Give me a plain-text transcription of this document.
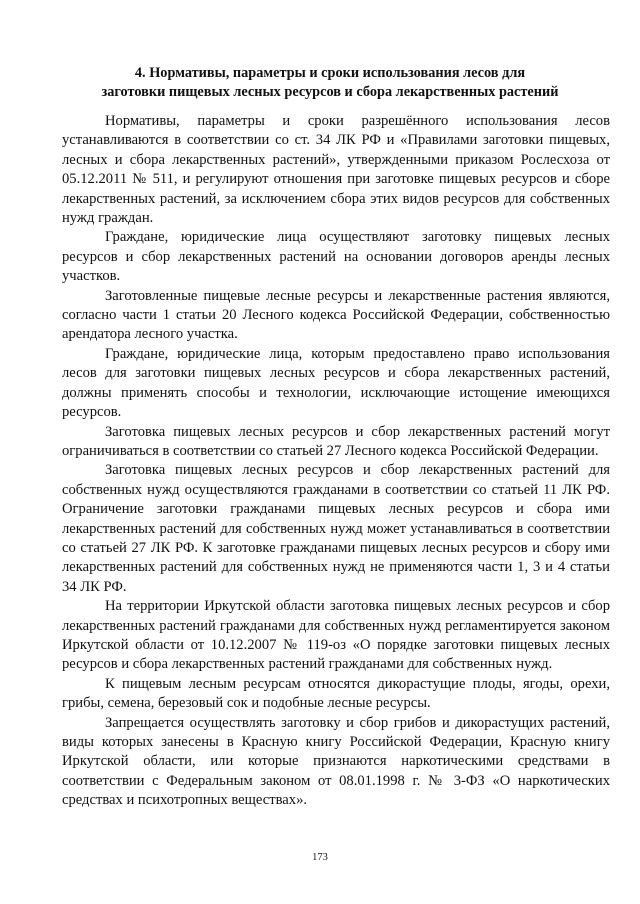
4. Нормативы, параметры и сроки использования лесов для
заготовки пищевых лесных ресурсов и сбора лекарственных растений

Нормативы, параметры и сроки разрешённого использования лесов устанавливаются в соответствии со ст. 34 ЛК РФ и «Правилами заготовки пищевых, лесных и сбора лекарственных растений», утвержденными приказом Рослесхоза от 05.12.2011 № 511, и регулируют отношения при заготовке пищевых ресурсов и сборе лекарственных растений, за исключением сбора этих видов ресурсов для собственных нужд граждан.

Граждане, юридические лица осуществляют заготовку пищевых лесных ресурсов и сбор лекарственных растений на основании договоров аренды лесных участков.

Заготовленные пищевые лесные ресурсы и лекарственные растения являются, согласно части 1 статьи 20 Лесного кодекса Российской Федерации, собственностью арендатора лесного участка.

Граждане, юридические лица, которым предоставлено право использования лесов для заготовки пищевых лесных ресурсов и сбора лекарственных растений, должны применять способы и технологии, исключающие истощение имеющихся ресурсов.

Заготовка пищевых лесных ресурсов и сбор лекарственных растений могут ограничиваться в соответствии со статьей 27 Лесного кодекса Российской Федерации.

Заготовка пищевых лесных ресурсов и сбор лекарственных растений для собственных нужд осуществляются гражданами в соответствии со статьей 11 ЛК РФ. Ограничение заготовки гражданами пищевых лесных ресурсов и сбора ими лекарственных растений для собственных нужд может устанавливаться в соответствии со статьей 27 ЛК РФ. К заготовке гражданами пищевых лесных ресурсов и сбору ими лекарственных растений для собственных нужд не применяются части 1, 3 и 4 статьи 34 ЛК РФ.

На территории Иркутской области заготовка пищевых лесных ресурсов и сбор лекарственных растений гражданами для собственных нужд регламентируется законом Иркутской области от 10.12.2007 № 119-оз «О порядке заготовки пищевых лесных ресурсов и сбора лекарственных растений гражданами для собственных нужд.

К пищевым лесным ресурсам относятся дикорастущие плоды, ягоды, орехи, грибы, семена, березовый сок и подобные лесные ресурсы.

Запрещается осуществлять заготовку и сбор грибов и дикорастущих растений, виды которых занесены в Красную книгу Российской Федерации, Красную книгу Иркутской области, или которые признаются наркотическими средствами в соответствии с Федеральным законом от 08.01.1998 г. № 3-ФЗ «О наркотических средствах и психотропных веществах».

173
